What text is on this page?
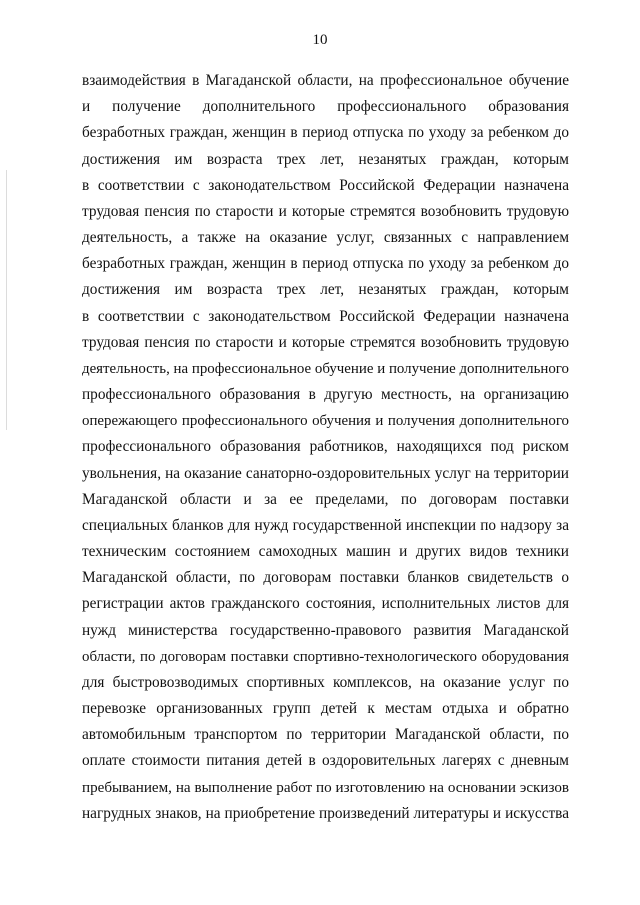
10
взаимодействия в Магаданской области, на профессиональное обучение
и получение дополнительного профессионального образования
безработных граждан, женщин в период отпуска по уходу за ребенком до
достижения им возраста трех лет, незанятых граждан, которым
в соответствии с законодательством Российской Федерации назначена
трудовая пенсия по старости и которые стремятся возобновить трудовую
деятельность, а также на оказание услуг, связанных с направлением
безработных граждан, женщин в период отпуска по уходу за ребенком до
достижения им возраста трех лет, незанятых граждан, которым
в соответствии с законодательством Российской Федерации назначена
трудовая пенсия по старости и которые стремятся возобновить трудовую
деятельность, на профессиональное обучение и получение дополнительного
профессионального образования в другую местность, на организацию
опережающего профессионального обучения и получения дополнительного
профессионального образования работников, находящихся под риском
увольнения, на оказание санаторно-оздоровительных услуг на территории
Магаданской области и за ее пределами, по договорам поставки
специальных бланков для нужд государственной инспекции по надзору за
техническим состоянием самоходных машин и других видов техники
Магаданской области, по договорам поставки бланков свидетельств о
регистрации актов гражданского состояния, исполнительных листов для
нужд министерства государственно-правового развития Магаданской
области, по договорам поставки спортивно-технологического оборудования
для быстровозводимых спортивных комплексов, на оказание услуг по
перевозке организованных групп детей к местам отдыха и обратно
автомобильным транспортом по территории Магаданской области, по
оплате стоимости питания детей в оздоровительных лагерях с дневным
пребыванием, на выполнение работ по изготовлению на основании эскизов
нагрудных знаков, на приобретение произведений литературы и искусства
